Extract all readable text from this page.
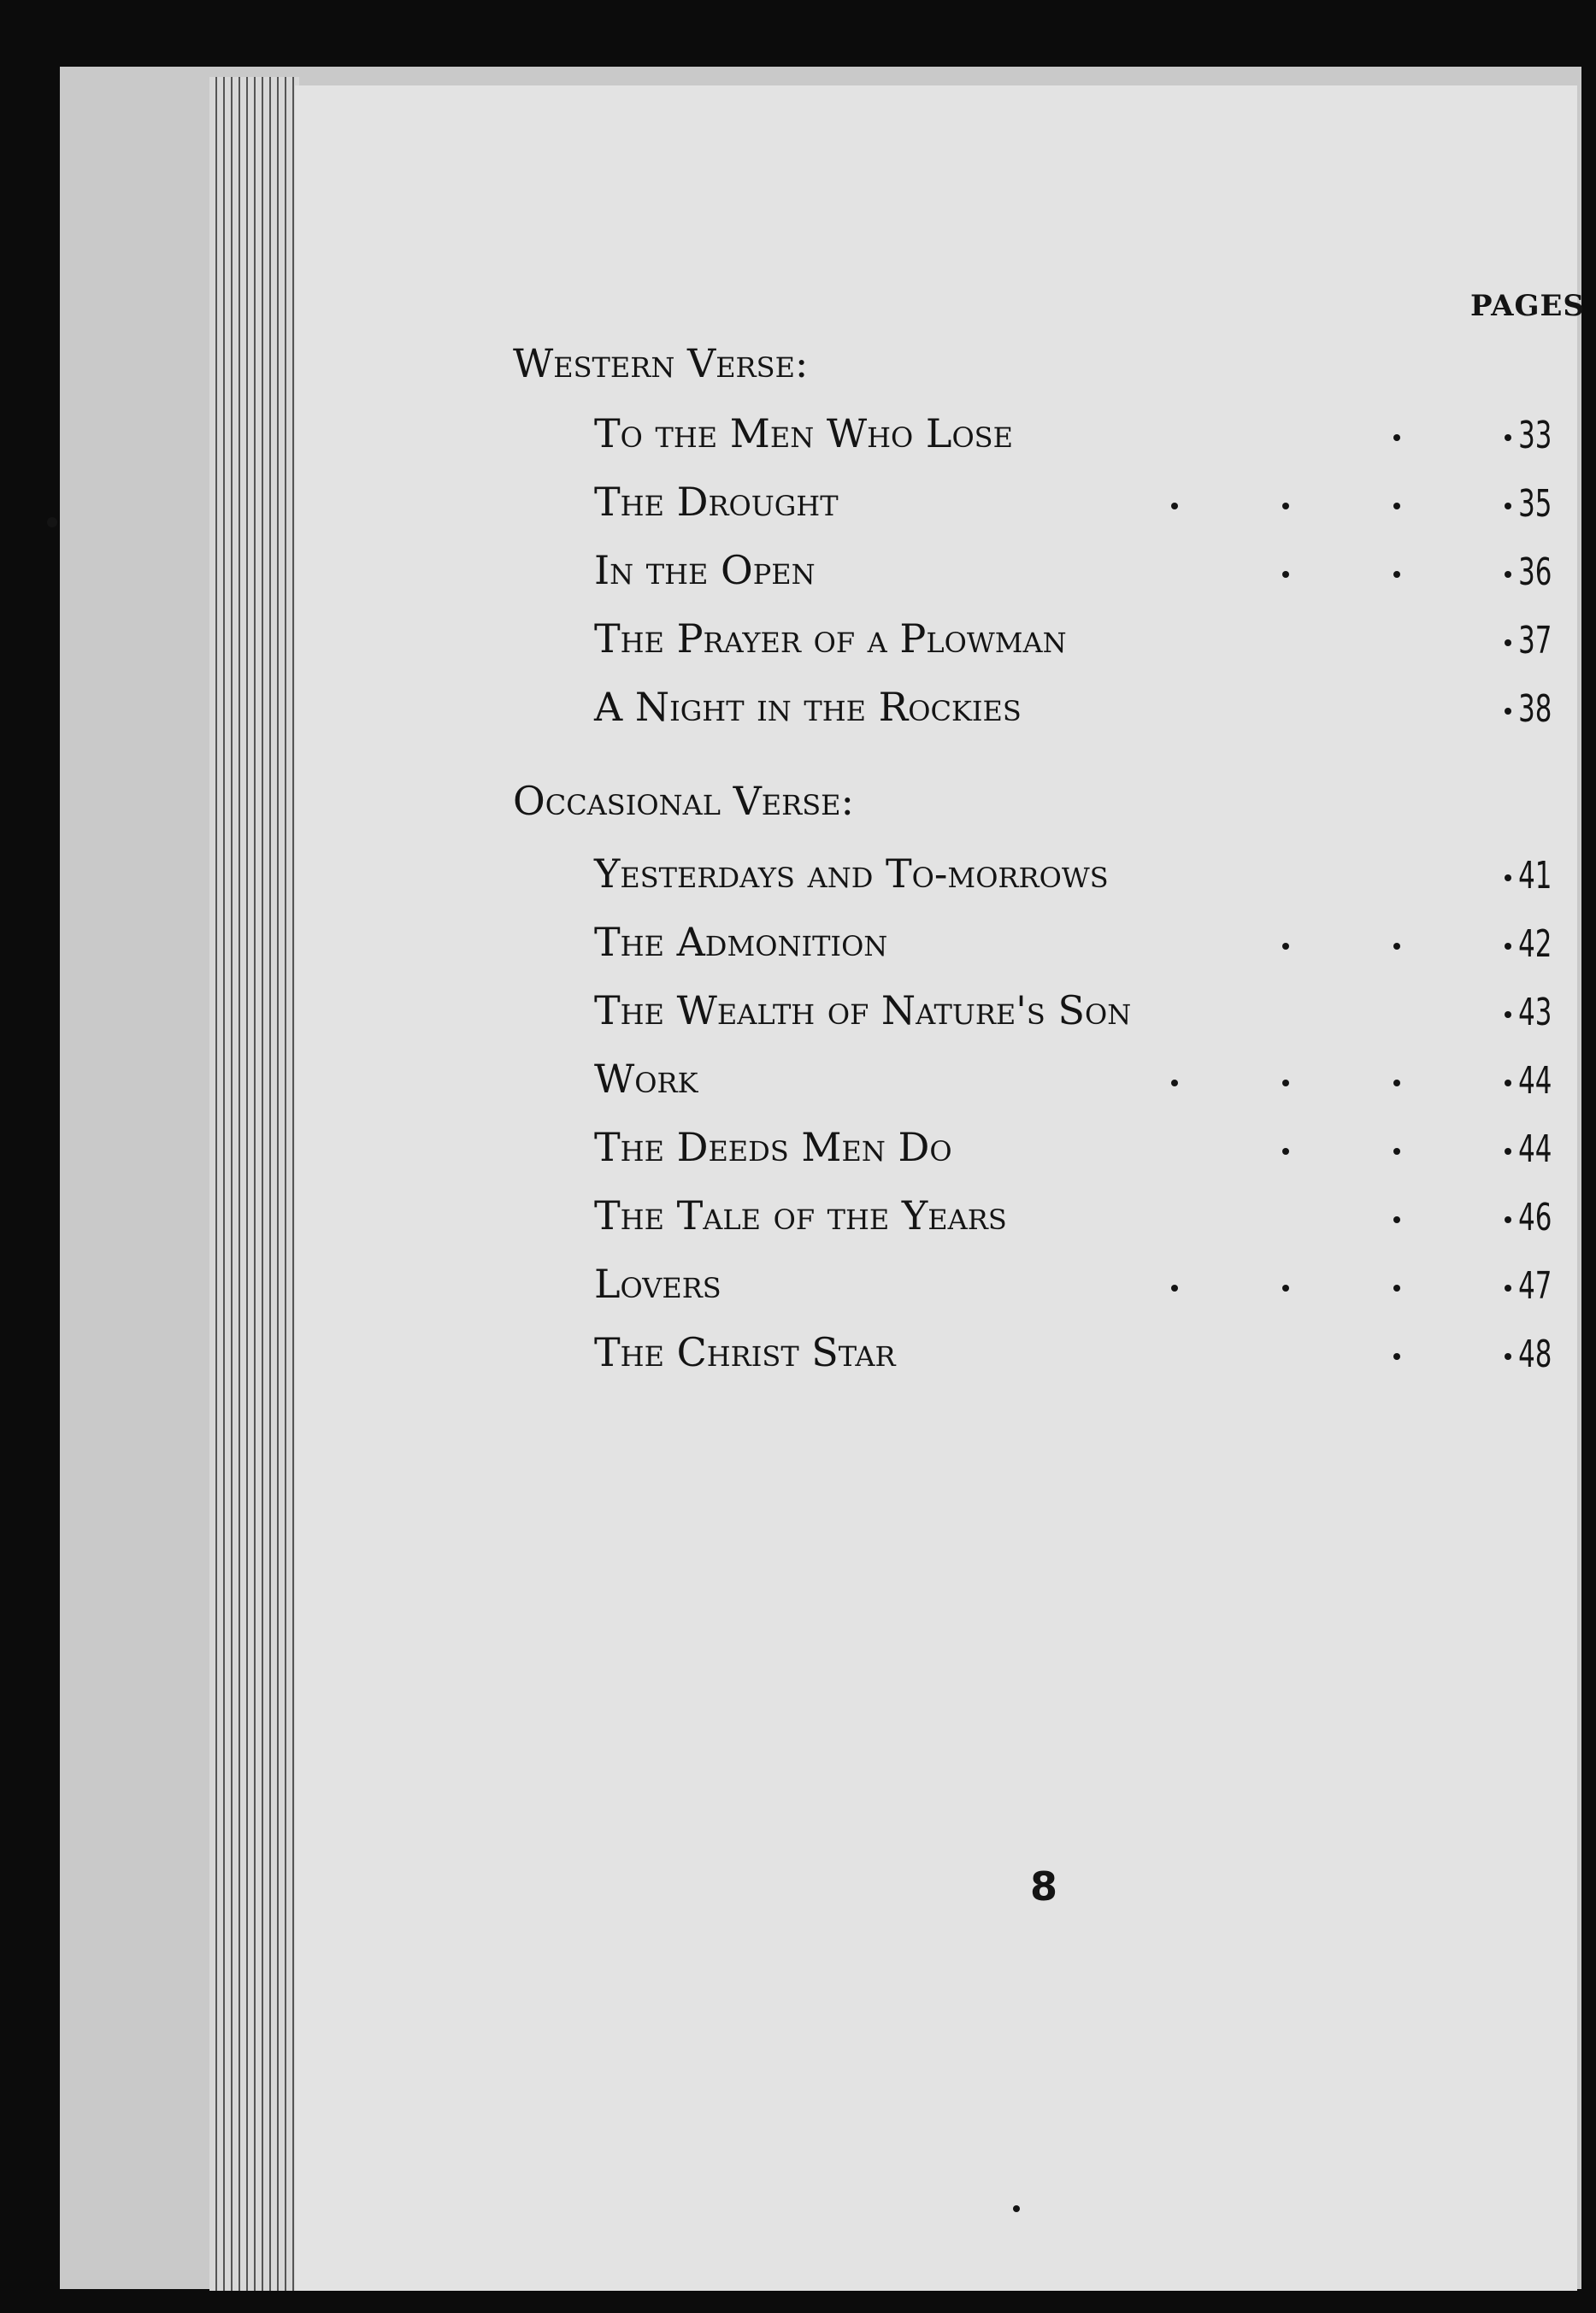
PAGES
Western Verse:
To the Men Who Lose	33
The Drought	35
In the Open	36
The Prayer of a Plowman	37
A Night in the Rockies	38
Occasional Verse:
Yesterdays and To-morrows	41
The Admonition	42
The Wealth of Nature's Son	43
Work	44
The Deeds Men Do	44
The Tale of the Years	46
Lovers	47
The Christ Star	48
8
